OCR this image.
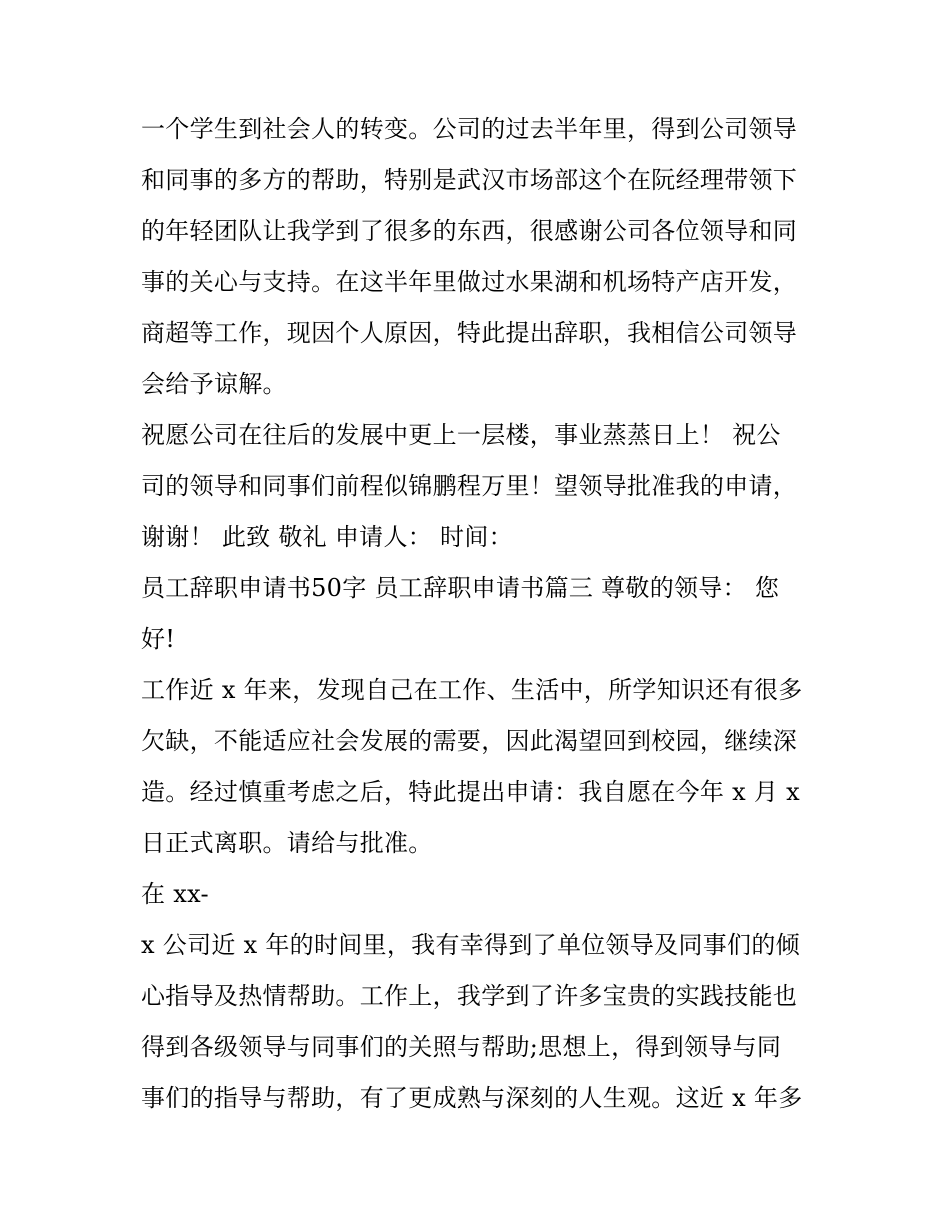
一个学生到社会人的转变。公司的过去半年里，得到公司领导
和同事的多方的帮助，特别是武汉市场部这个在阮经理带领下
的年轻团队让我学到了很多的东西，很感谢公司各位领导和同
事的关心与支持。在这半年里做过水果湖和机场特产店开发，
商超等工作，现因个人原因，特此提出辞职，我相信公司领导
会给予谅解。
祝愿公司在往后的发展中更上一层楼，事业蒸蒸日上！ 祝公
司的领导和同事们前程似锦鹏程万里！望领导批准我的申请，
谢谢！ 此致 敬礼 申请人： 时间：
员工辞职申请书50字 员工辞职申请书篇三 尊敬的领导： 您
好!
工作近 x 年来，发现自己在工作、生活中，所学知识还有很多
欠缺，不能适应社会发展的需要，因此渴望回到校园，继续深
造。经过慎重考虑之后，特此提出申请：我自愿在今年 x 月 x
日正式离职。请给与批准。
在 xx-
x 公司近 x 年的时间里，我有幸得到了单位领导及同事们的倾
心指导及热情帮助。工作上，我学到了许多宝贵的实践技能也
得到各级领导与同事们的关照与帮助;思想上，得到领导与同
事们的指导与帮助，有了更成熟与深刻的人生观。这近 x 年多
